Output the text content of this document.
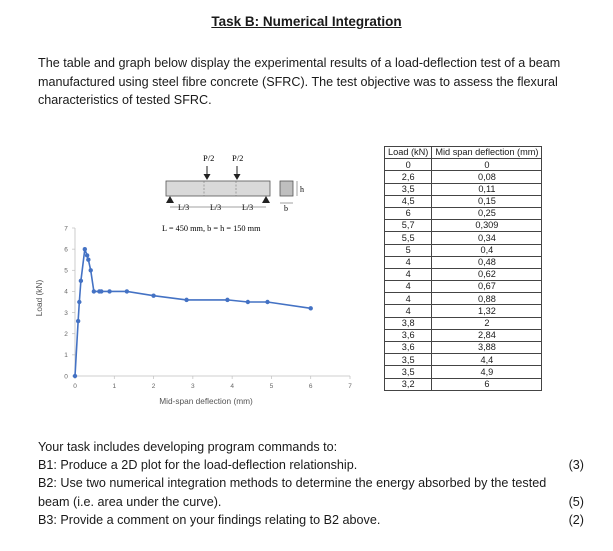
Task B: Numerical Integration

The table and graph below display the experimental results of a load-deflection test of a beam manufactured using steel fibre concrete (SFRC). The test objective was to assess the flexural characteristics of tested SFRC.

P/2 P/2
L/3	L/3	L/3
h
b
L = 450 mm, b = h = 150 mm
0	1	2	3	4	5	6	7
0
1
2
3
4
5
6
7
Mid-span deflection (mm)
Load (kN)
Load (kN)	Mid span deflection (mm)
0	0
2,6	0,08
3,5	0,11
4,5	0,15
6	0,25
5,7	0,309
5,5	0,34
5	0,4
4	0,48
4	0,62
4	0,67
4	0,88
4	1,32
3,8	2
3,6	2,84
3,6	3,88
3,5	4,4
3,5	4,9
3,2	6
Your task includes developing program commands to:
B1: Produce a 2D plot for the load-deflection relationship.	(3)
B2: Use two numerical integration methods to determine the energy absorbed by the tested
beam (i.e. area under the curve).	(5)
B3: Provide a comment on your findings relating to B2 above.	(2)
